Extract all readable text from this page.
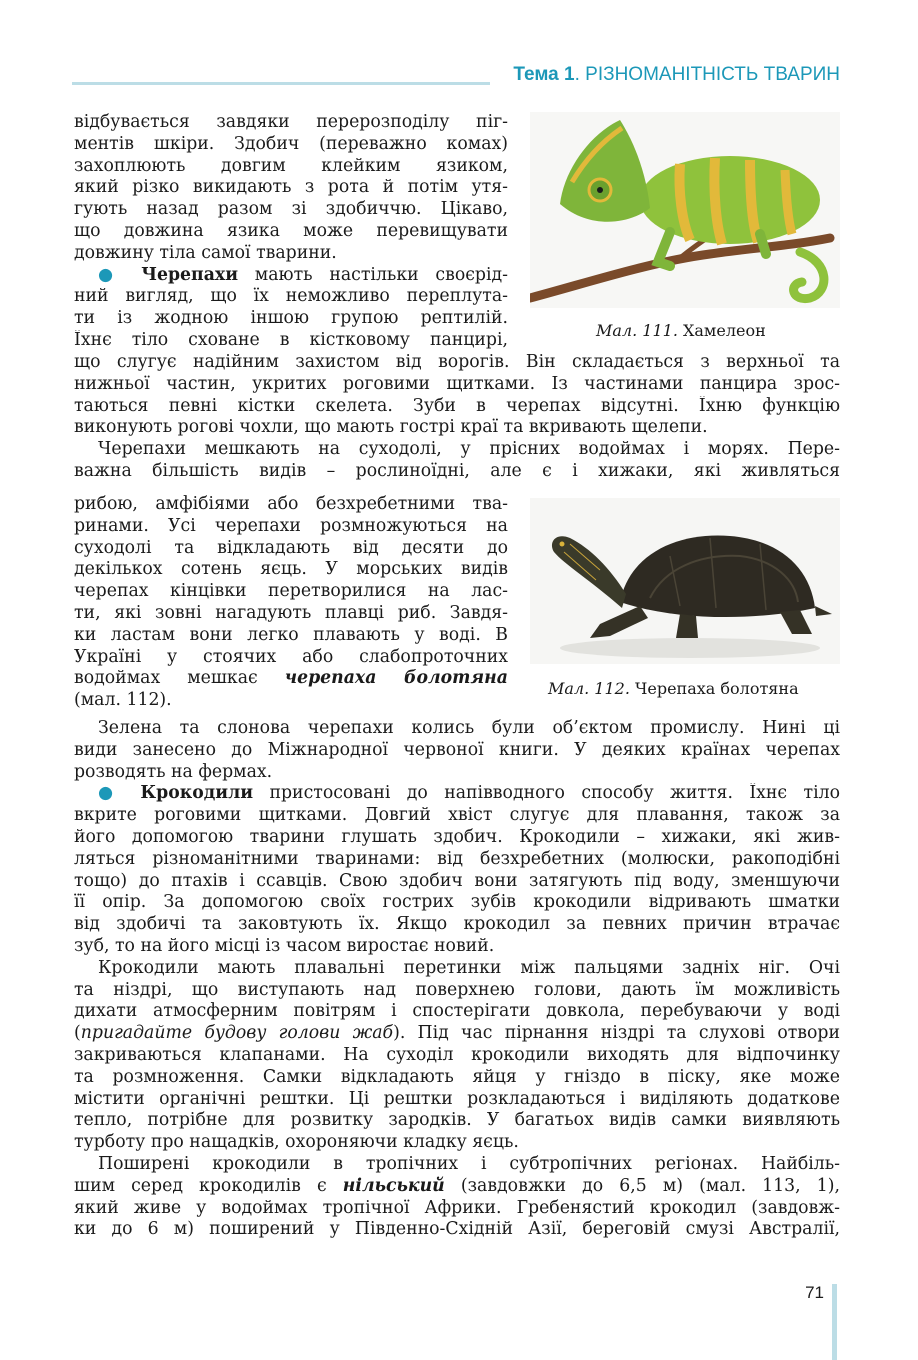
Тема 1. РІЗНОМАНІТНІСТЬ ТВАРИН
відбувається завдяки перерозподілу піг-
ментів шкіри. Здобич (переважно комах)
захоплюють довгим клейким язиком,
який різко викидають з рота й потім утя-
гують назад разом зі здобиччю. Цікаво,
що довжина язика може перевищувати
довжину тіла самої тварини.
● Черепахи мають настільки своєрід-
ний вигляд, що їх неможливо переплута-
ти із жодною іншою групою рептилій.
Їхнє тіло сховане в кістковому панцирі,	Мал. 111. Хамелеон
що слугує надійним захистом від ворогів. Він складається з верхньої та
нижньої частин, укритих роговими щитками. Із частинами панцира зрос-
таються певні кістки скелета. Зуби в черепах відсутні. Їхню функцію
виконують рогові чохли, що мають гострі краї та вкривають щелепи.
Черепахи мешкають на суходолі, у прісних водоймах і морях. Пере-
важна більшість видів – рослиноїдні, але є і хижаки, які живляться
рибою, амфібіями або безхребетними тва-
ринами. Усі черепахи розмножуються на
суходолі та відкладають від десяти до
декількох сотень яєць. У морських видів
черепах кінцівки перетворилися на лас-
ти, які зовні нагадують плавці риб. Завдя-
ки ластам вони легко плавають у воді. В
Україні у стоячих або слабопроточних
водоймах мешкає черепаха болотяна
(мал. 112).
Мал. 112. Черепаха болотяна
Зелена та слонова черепахи колись були об’єктом промислу. Нині ці
види занесено до Міжнародної червоної книги. У деяких країнах черепах
розводять на фермах.
● Крокодили пристосовані до напівводного способу життя. Їхнє тіло
вкрите роговими щитками. Довгий хвіст слугує для плавання, також за
його допомогою тварини глушать здобич. Крокодили – хижаки, які жив-
ляться різноманітними тваринами: від безхребетних (молюски, ракоподібні
тощо) до птахів і ссавців. Свою здобич вони затягують під воду, зменшуючи
її опір. За допомогою своїх гострих зубів крокодили відривають шматки
від здобичі та заковтують їх. Якщо крокодил за певних причин втрачає
зуб, то на його місці із часом виростає новий.
Крокодили мають плавальні перетинки між пальцями задніх ніг. Очі
та ніздрі, що виступають над поверхнею голови, дають їм можливість
дихати атмосферним повітрям і спостерігати довкола, перебуваючи у воді
(пригадайте будову голови жаб). Під час пірнання ніздрі та слухові отвори
закриваються клапанами. На суходіл крокодили виходять для відпочинку
та розмноження. Самки відкладають яйця у гніздо в піску, яке може
містити органічні рештки. Ці рештки розкладаються і виділяють додаткове
тепло, потрібне для розвитку зародків. У багатьох видів самки виявляють
турботу про нащадків, охороняючи кладку яєць.
Поширені крокодили в тропічних і субтропічних регіонах. Найбіль-
шим серед крокодилів є нільський (завдовжки до 6,5 м) (мал. 113, 1),
який живе у водоймах тропічної Африки. Гребенястий крокодил (завдовж-
ки до 6 м) поширений у Південно-Східній Азії, береговій смузі Австралії,
71
